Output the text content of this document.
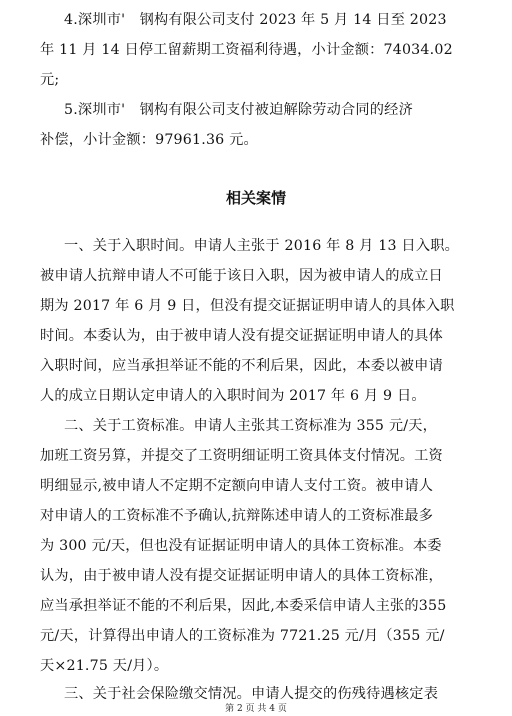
4.深圳市'　钢构有限公司支付 2023 年 5 月 14 日至 2023
年 11 月 14 日停工留薪期工资福利待遇，小计金额：74034.02
元;
5.深圳市'　钢构有限公司支付被迫解除劳动合同的经济
补偿，小计金额：97961.36 元。
相关案情
一、关于入职时间。申请人主张于 2016 年 8 月 13 日入职。
被申请人抗辩申请人不可能于该日入职，因为被申请人的成立日
期为 2017 年 6 月 9 日，但没有提交证据证明申请人的具体入职
时间。本委认为，由于被申请人没有提交证据证明申请人的具体
入职时间，应当承担举证不能的不利后果，因此，本委以被申请
人的成立日期认定申请人的入职时间为 2017 年 6 月 9 日。
二、关于工资标准。申请人主张其工资标准为 355 元/天，
加班工资另算，并提交了工资明细证明工资具体支付情况。工资
明细显示,被申请人不定期不定额向申请人支付工资。被申请人
对申请人的工资标准不予确认,抗辩陈述申请人的工资标准最多
为 300 元/天，但也没有证据证明申请人的具体工资标准。本委
认为，由于被申请人没有提交证据证明申请人的具体工资标准，
应当承担举证不能的不利后果，因此,本委采信申请人主张的355
元/天，计算得出申请人的工资标准为 7721.25 元/月（355 元/
天×21.75 天/月）。
三、关于社会保险缴交情况。申请人提交的伤残待遇核定表
第 2 页 共 4 页
